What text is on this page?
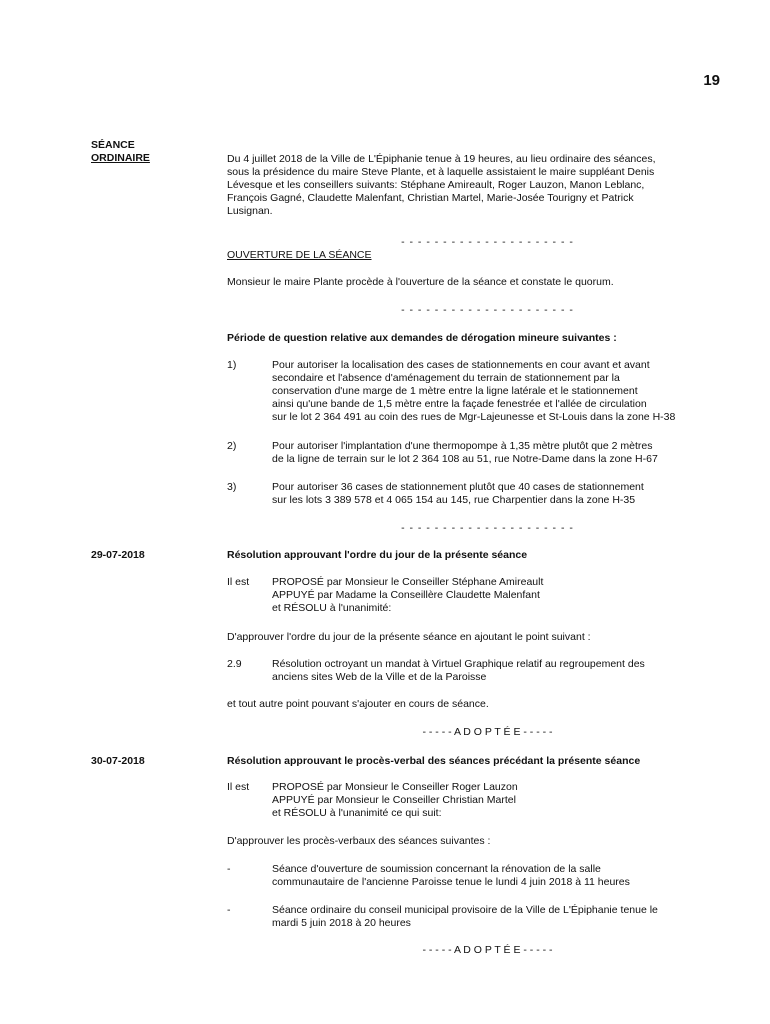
19
SÉANCE
ORDINAIRE	Du 4 juillet 2018 de la Ville de L'Épiphanie tenue à 19 heures, au lieu ordinaire des séances,
sous la présidence du maire Steve Plante, et à laquelle assistaient le maire suppléant Denis
Lévesque et les conseillers suivants: Stéphane Amireault, Roger Lauzon, Manon Leblanc,
François Gagné, Claudette Malenfant, Christian Martel, Marie-Josée Tourigny et Patrick
Lusignan.
- - - - - - - - - - - - - - - - - - - - -
OUVERTURE DE LA SÉANCE
Monsieur le maire Plante procède à l'ouverture de la séance et constate le quorum.
- - - - - - - - - - - - - - - - - - - - -
Période de question relative aux demandes de dérogation mineure suivantes :
1)	Pour autoriser la localisation des cases de stationnements en cour avant et avant
secondaire et l'absence d'aménagement du terrain de stationnement par la
conservation d'une marge de 1 mètre entre la ligne latérale et le stationnement
ainsi qu'une bande de 1,5 mètre entre la façade fenestrée et l'allée de circulation
sur le lot 2 364 491 au coin des rues de Mgr-Lajeunesse et St-Louis dans la zone H-38
2)	Pour autoriser l'implantation d'une thermopompe à 1,35 mètre plutôt que 2 mètres
de la ligne de terrain sur le lot 2 364 108 au 51, rue Notre-Dame dans la zone H-67
3)	Pour autoriser 36 cases de stationnement plutôt que 40 cases de stationnement
sur les lots 3 389 578 et 4 065 154 au 145, rue Charpentier dans la zone H-35
- - - - - - - - - - - - - - - - - - - - -
29-07-2018	Résolution approuvant l'ordre du jour de la présente séance
Il est PROPOSÉ par Monsieur le Conseiller Stéphane Amireault
APPUYÉ par Madame la Conseillère Claudette Malenfant
et RÉSOLU à l'unanimité:
D'approuver l'ordre du jour de la présente séance en ajoutant le point suivant :
2.9	Résolution octroyant un mandat à Virtuel Graphique relatif au regroupement des
anciens sites Web de la Ville et de la Paroisse
et tout autre point pouvant s'ajouter en cours de séance.
- - - - - A D O P T É E - - - - -
30-07-2018	Résolution approuvant le procès-verbal des séances précédant la présente séance
Il est PROPOSÉ par Monsieur le Conseiller Roger Lauzon
APPUYÉ par Monsieur le Conseiller Christian Martel
et RÉSOLU à l'unanimité ce qui suit:
D'approuver les procès-verbaux des séances suivantes :
-	Séance d'ouverture de soumission concernant la rénovation de la salle
communautaire de l'ancienne Paroisse tenue le lundi 4 juin 2018 à 11 heures
-	Séance ordinaire du conseil municipal provisoire de la Ville de L'Épiphanie tenue le
mardi 5 juin 2018 à 20 heures
- - - - - A D O P T É E - - - - -
